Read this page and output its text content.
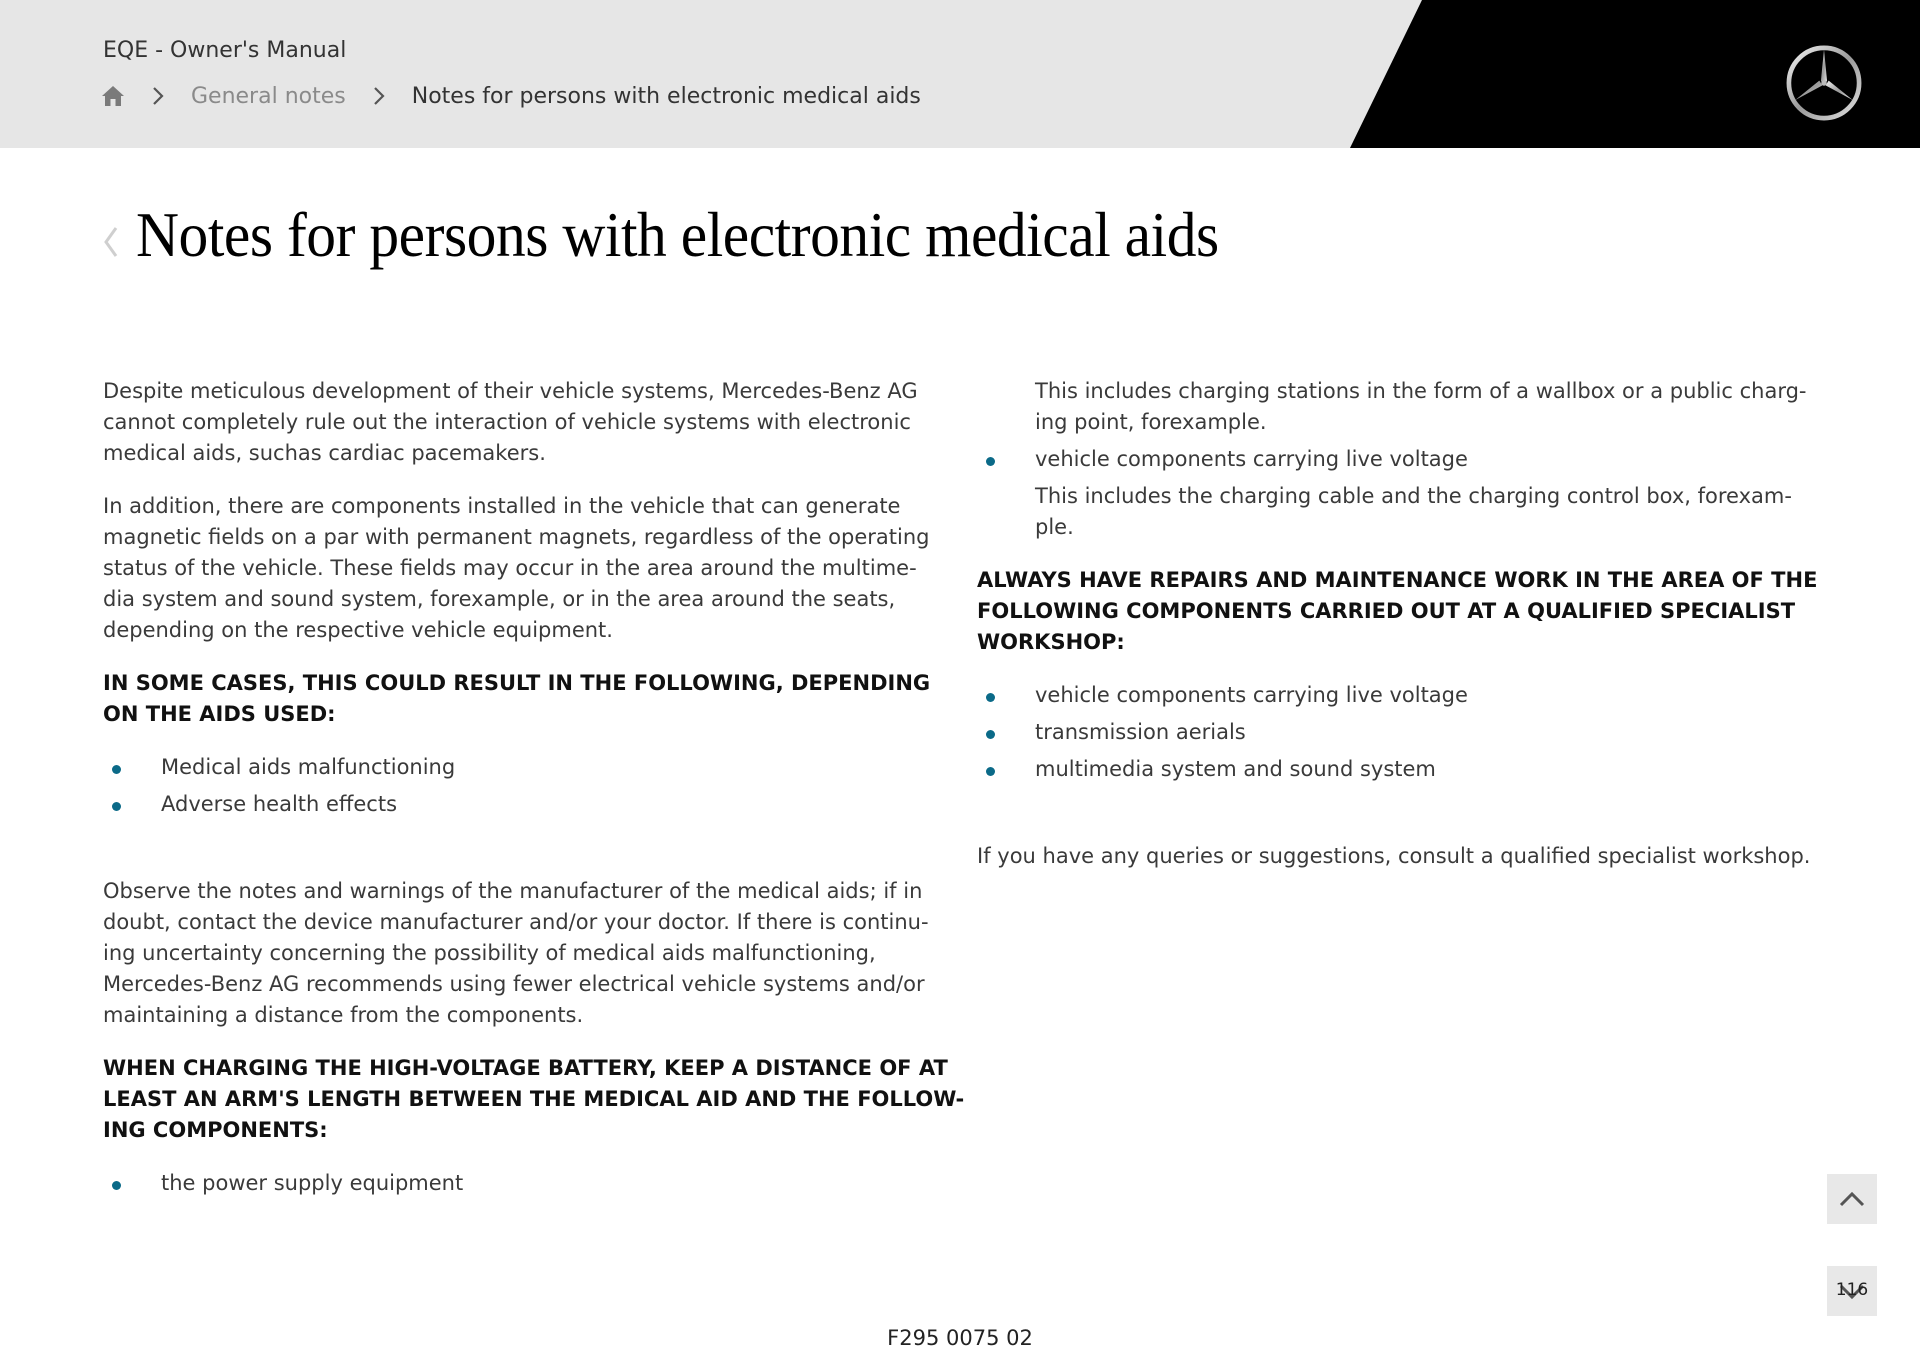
EQE - Owner's Manual
General notes	Notes for persons with electronic medical aids
Notes for persons with electronic medical aids

Despite meticulous development of their vehicle systems, Mercedes-Benz AG
cannot completely rule out the interaction of vehicle systems with electronic
medical aids, suchas cardiac pacemakers.

In addition, there are components installed in the vehicle that can generate
magnetic fields on a par with permanent magnets, regardless of the operating
status of the vehicle. These fields may occur in the area around the multime-
dia system and sound system, forexample, or in the area around the seats,
depending on the respective vehicle equipment.

IN SOME CASES, THIS COULD RESULT IN THE FOLLOWING, DEPENDING
ON THE AIDS USED:
Medical aids malfunctioning
Adverse health effects

Observe the notes and warnings of the manufacturer of the medical aids; if in
doubt, contact the device manufacturer and/or your doctor. If there is continu-
ing uncertainty concerning the possibility of medical aids malfunctioning,
Mercedes-Benz AG recommends using fewer electrical vehicle systems and/or
maintaining a distance from the components.

WHEN CHARGING THE HIGH-VOLTAGE BATTERY, KEEP A DISTANCE OF AT
LEAST AN ARM'S LENGTH BETWEEN THE MEDICAL AID AND THE FOLLOW-
ING COMPONENTS:
the power supply equipment

This includes charging stations in the form of a wallbox or a public charg-
ing point, forexample.

vehicle components carrying live voltage

This includes the charging cable and the charging control box, forexam-
ple.

ALWAYS HAVE REPAIRS AND MAINTENANCE WORK IN THE AREA OF THE
FOLLOWING COMPONENTS CARRIED OUT AT A QUALIFIED SPECIALIST
WORKSHOP:
vehicle components carrying live voltage
transmission aerials
multimedia system and sound system

If you have any queries or suggestions, consult a qualified specialist workshop.

116
F295 0075 02
